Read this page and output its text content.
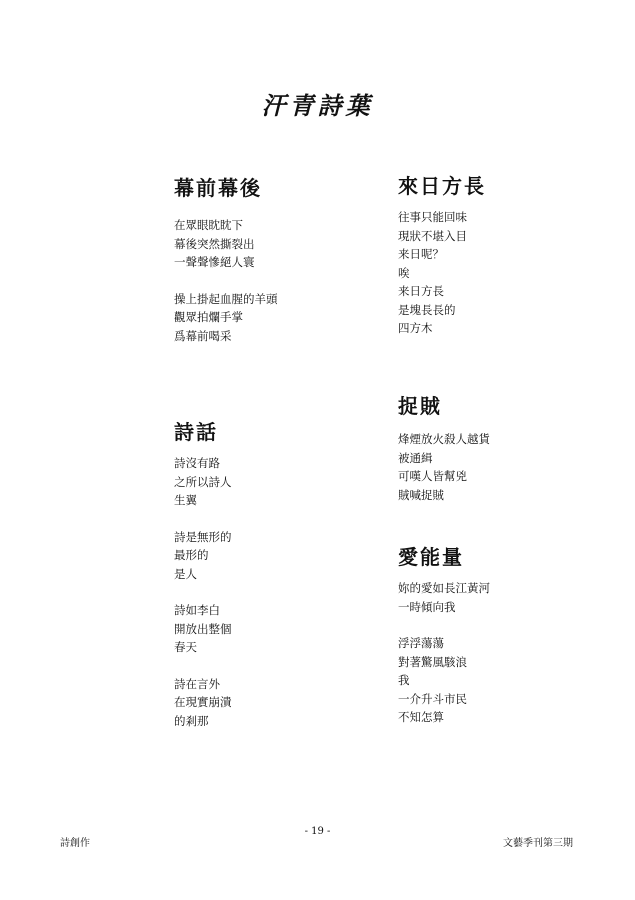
汗青詩葉
幕前幕後
在眾眼眈眈下
幕後突然撕裂出
一聲聲慘絕人寰
操上掛起血腥的羊頭
觀眾拍爛手掌
爲幕前喝采
來日方長
往事只能回味
現狀不堪入目
来日呢？
唉
来日方長
是塊長長的
四方木
詩話
詩沒有路
之所以詩人
生翼
詩是無形的
最形的
是人
詩如李白
開放出整個
春天
詩在言外
在現實崩潰
的剎那
捉賊
烽煙放火殺人越貨
被通緝
可嘆人皆幫兇
賊喊捉賊
愛能量
妳的愛如長江黃河
一時傾向我
浮浮蕩蕩
對著驚風駭浪
我
一介升斗市民
不知怎算
詩創作
- 19 -
文藝季刊第三期
